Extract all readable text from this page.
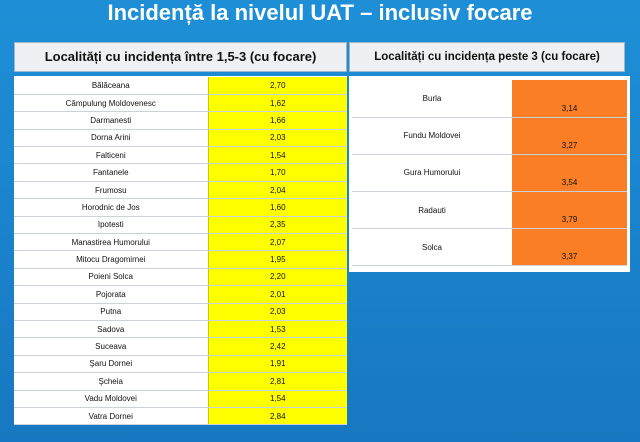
Incidență la nivelul UAT – inclusiv focare
Localități cu incidența între 1,5-3 (cu focare)	Localități cu incidența peste 3 (cu focare)
Bălăceana	2,70
Câmpulung Moldovenesc	1,62
Darmanesti	1,66
Dorna Arini	2,03
Falticeni	1,54
Fantanele	1,70
Frumosu	2,04
Horodnic de Jos	1,60
Ipotesti	2,35
Manastirea Humorului	2,07
Mitocu Dragomirnei	1,95
Poieni Solca	2,20
Pojorata	2,01
Putna	2,03
Sadova	1,53
Suceava	2,42
Şaru Dornei	1,91
Şcheia	2,81
Vadu Moldovei	1,54
Vatra Dornei	2,84
Burla	3,14
Fundu Moldovei	3,27
Gura Humorului	3,54
Radauti	3,79
Solca	3,37
